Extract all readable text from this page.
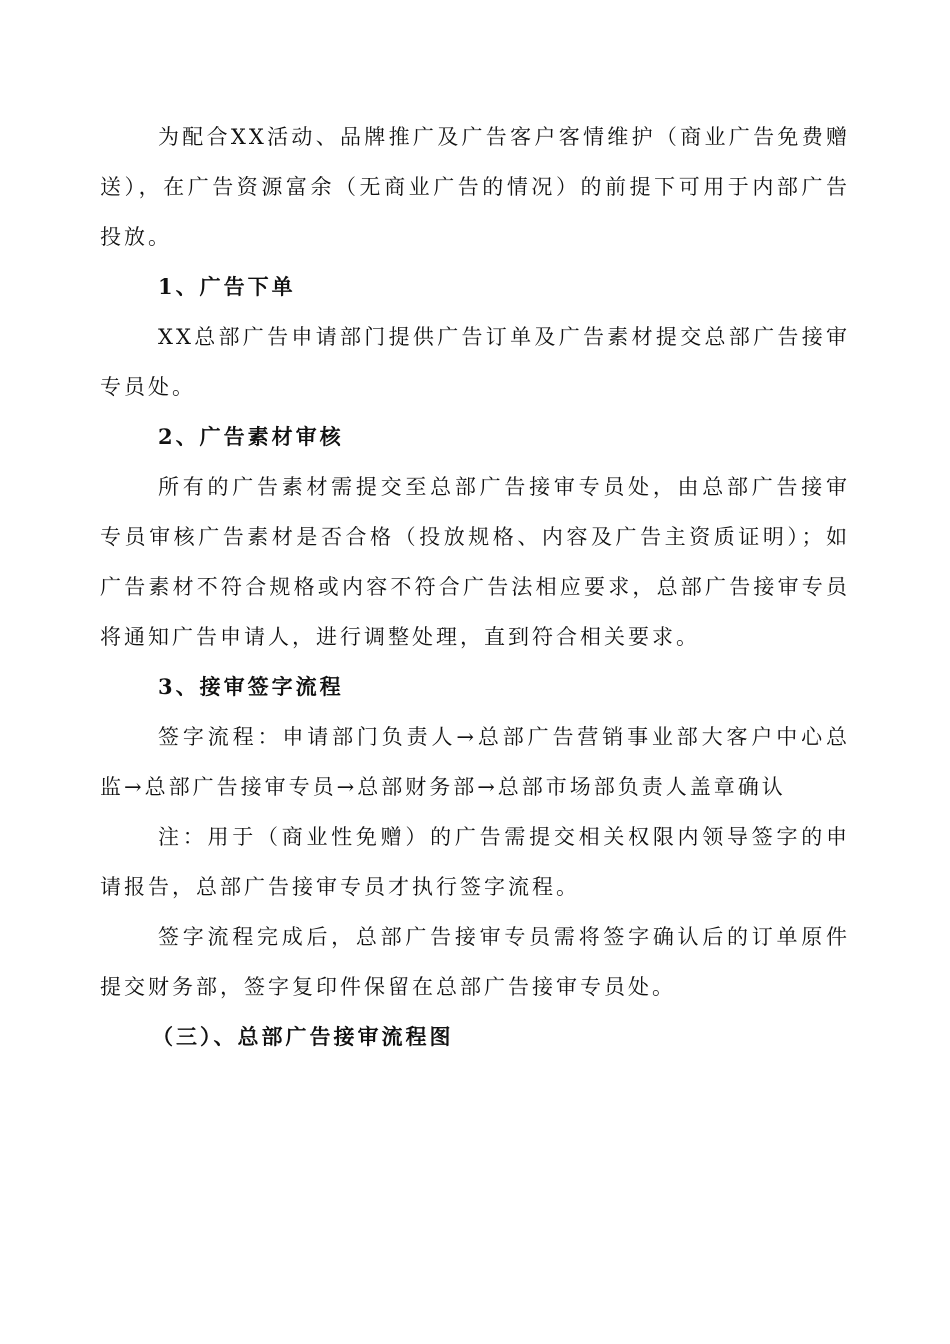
为配合XX活动、品牌推广及广告客户客情维护（商业广告免费赠送），在广告资源富余（无商业广告的情况）的前提下可用于内部广告投放。

1、广告下单

XX总部广告申请部门提供广告订单及广告素材提交总部广告接审专员处。

2、广告素材审核

所有的广告素材需提交至总部广告接审专员处，由总部广告接审专员审核广告素材是否合格（投放规格、内容及广告主资质证明）；如广告素材不符合规格或内容不符合广告法相应要求，总部广告接审专员将通知广告申请人，进行调整处理，直到符合相关要求。

3、接审签字流程

签字流程：申请部门负责人→总部广告营销事业部大客户中心总监→总部广告接审专员→总部财务部→总部市场部负责人盖章确认

注：用于（商业性免赠）的广告需提交相关权限内领导签字的申请报告，总部广告接审专员才执行签字流程。

签字流程完成后，总部广告接审专员需将签字确认后的订单原件提交财务部，签字复印件保留在总部广告接审专员处。

（三）、总部广告接审流程图
